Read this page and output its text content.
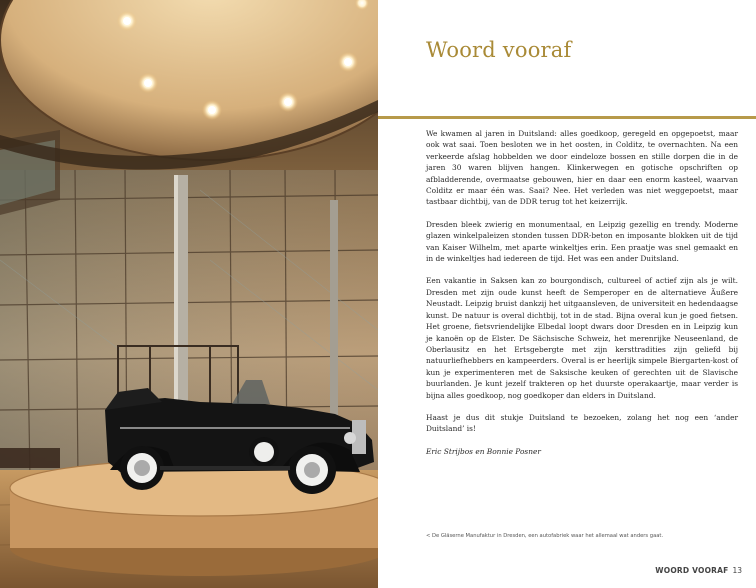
Woord vooraf

We kwamen al jaren in Duitsland: alles goedkoop, geregeld en opgepoetst, maar ook wat saai. Toen besloten we in het oosten, in Colditz, te overnachten. Na een verkeerde afslag hobbelden we door eindeloze bossen en stille dorpen die in de jaren 30 waren blijven hangen. Klinkerwegen en gotische opschriften op afbladderende, overmaatse gebouwen, hier en daar een enorm kasteel, waarvan Colditz er maar één was. Saai? Nee. Het verleden was niet weggepoetst, maar tastbaar dichtbij, van de DDR terug tot het keizerrijk.

Dresden bleek zwierig en monumentaal, en Leipzig gezellig en trendy. Moderne glazen winkelpaleizen stonden tussen DDR-beton en imposante blokken uit de tijd van Kaiser Wilhelm, met aparte winkeltjes erin. Een praatje was snel gemaakt en in de winkeltjes had iedereen de tijd. Het was een ander Duitsland.

Een vakantie in Saksen kan zo bourgondisch, cultureel of actief zijn als je wilt. Dresden met zijn oude kunst heeft de Semperoper en de alternatieve Äußere Neustadt. Leipzig bruist dankzij het uitgaansleven, de universiteit en hedendaagse kunst. De natuur is overal dichtbij, tot in de stad. Bijna overal kun je goed fietsen. Het groene, fietsvriendelijke Elbedal loopt dwars door Dresden en in Leipzig kun je kanoën op de Elster. De Sächsische Schweiz, het merenrijke Neuseenland, de Oberlausitz en het Ertsgebergte met zijn kersttradities zijn geliefd bij natuurliefhebbers en kampeerders. Overal is er heerlijk simpele Biergarten-kost of kun je experimenteren met de Saksische keuken of gerechten uit de Slavische buurlanden. Je kunt jezelf trakteren op het duurste operakaartje, maar verder is bijna alles goedkoop, nog goedkoper dan elders in Duitsland.

Haast je dus dit stukje Duitsland te bezoeken, zolang het nog een ‘ander Duitsland’ is!

Eric Strijbos en Bonnie Posner

< De Gläserne Manufaktur in Dresden, een autofabriek waar het allemaal wat anders gaat.
WOORD VOORAF 13
